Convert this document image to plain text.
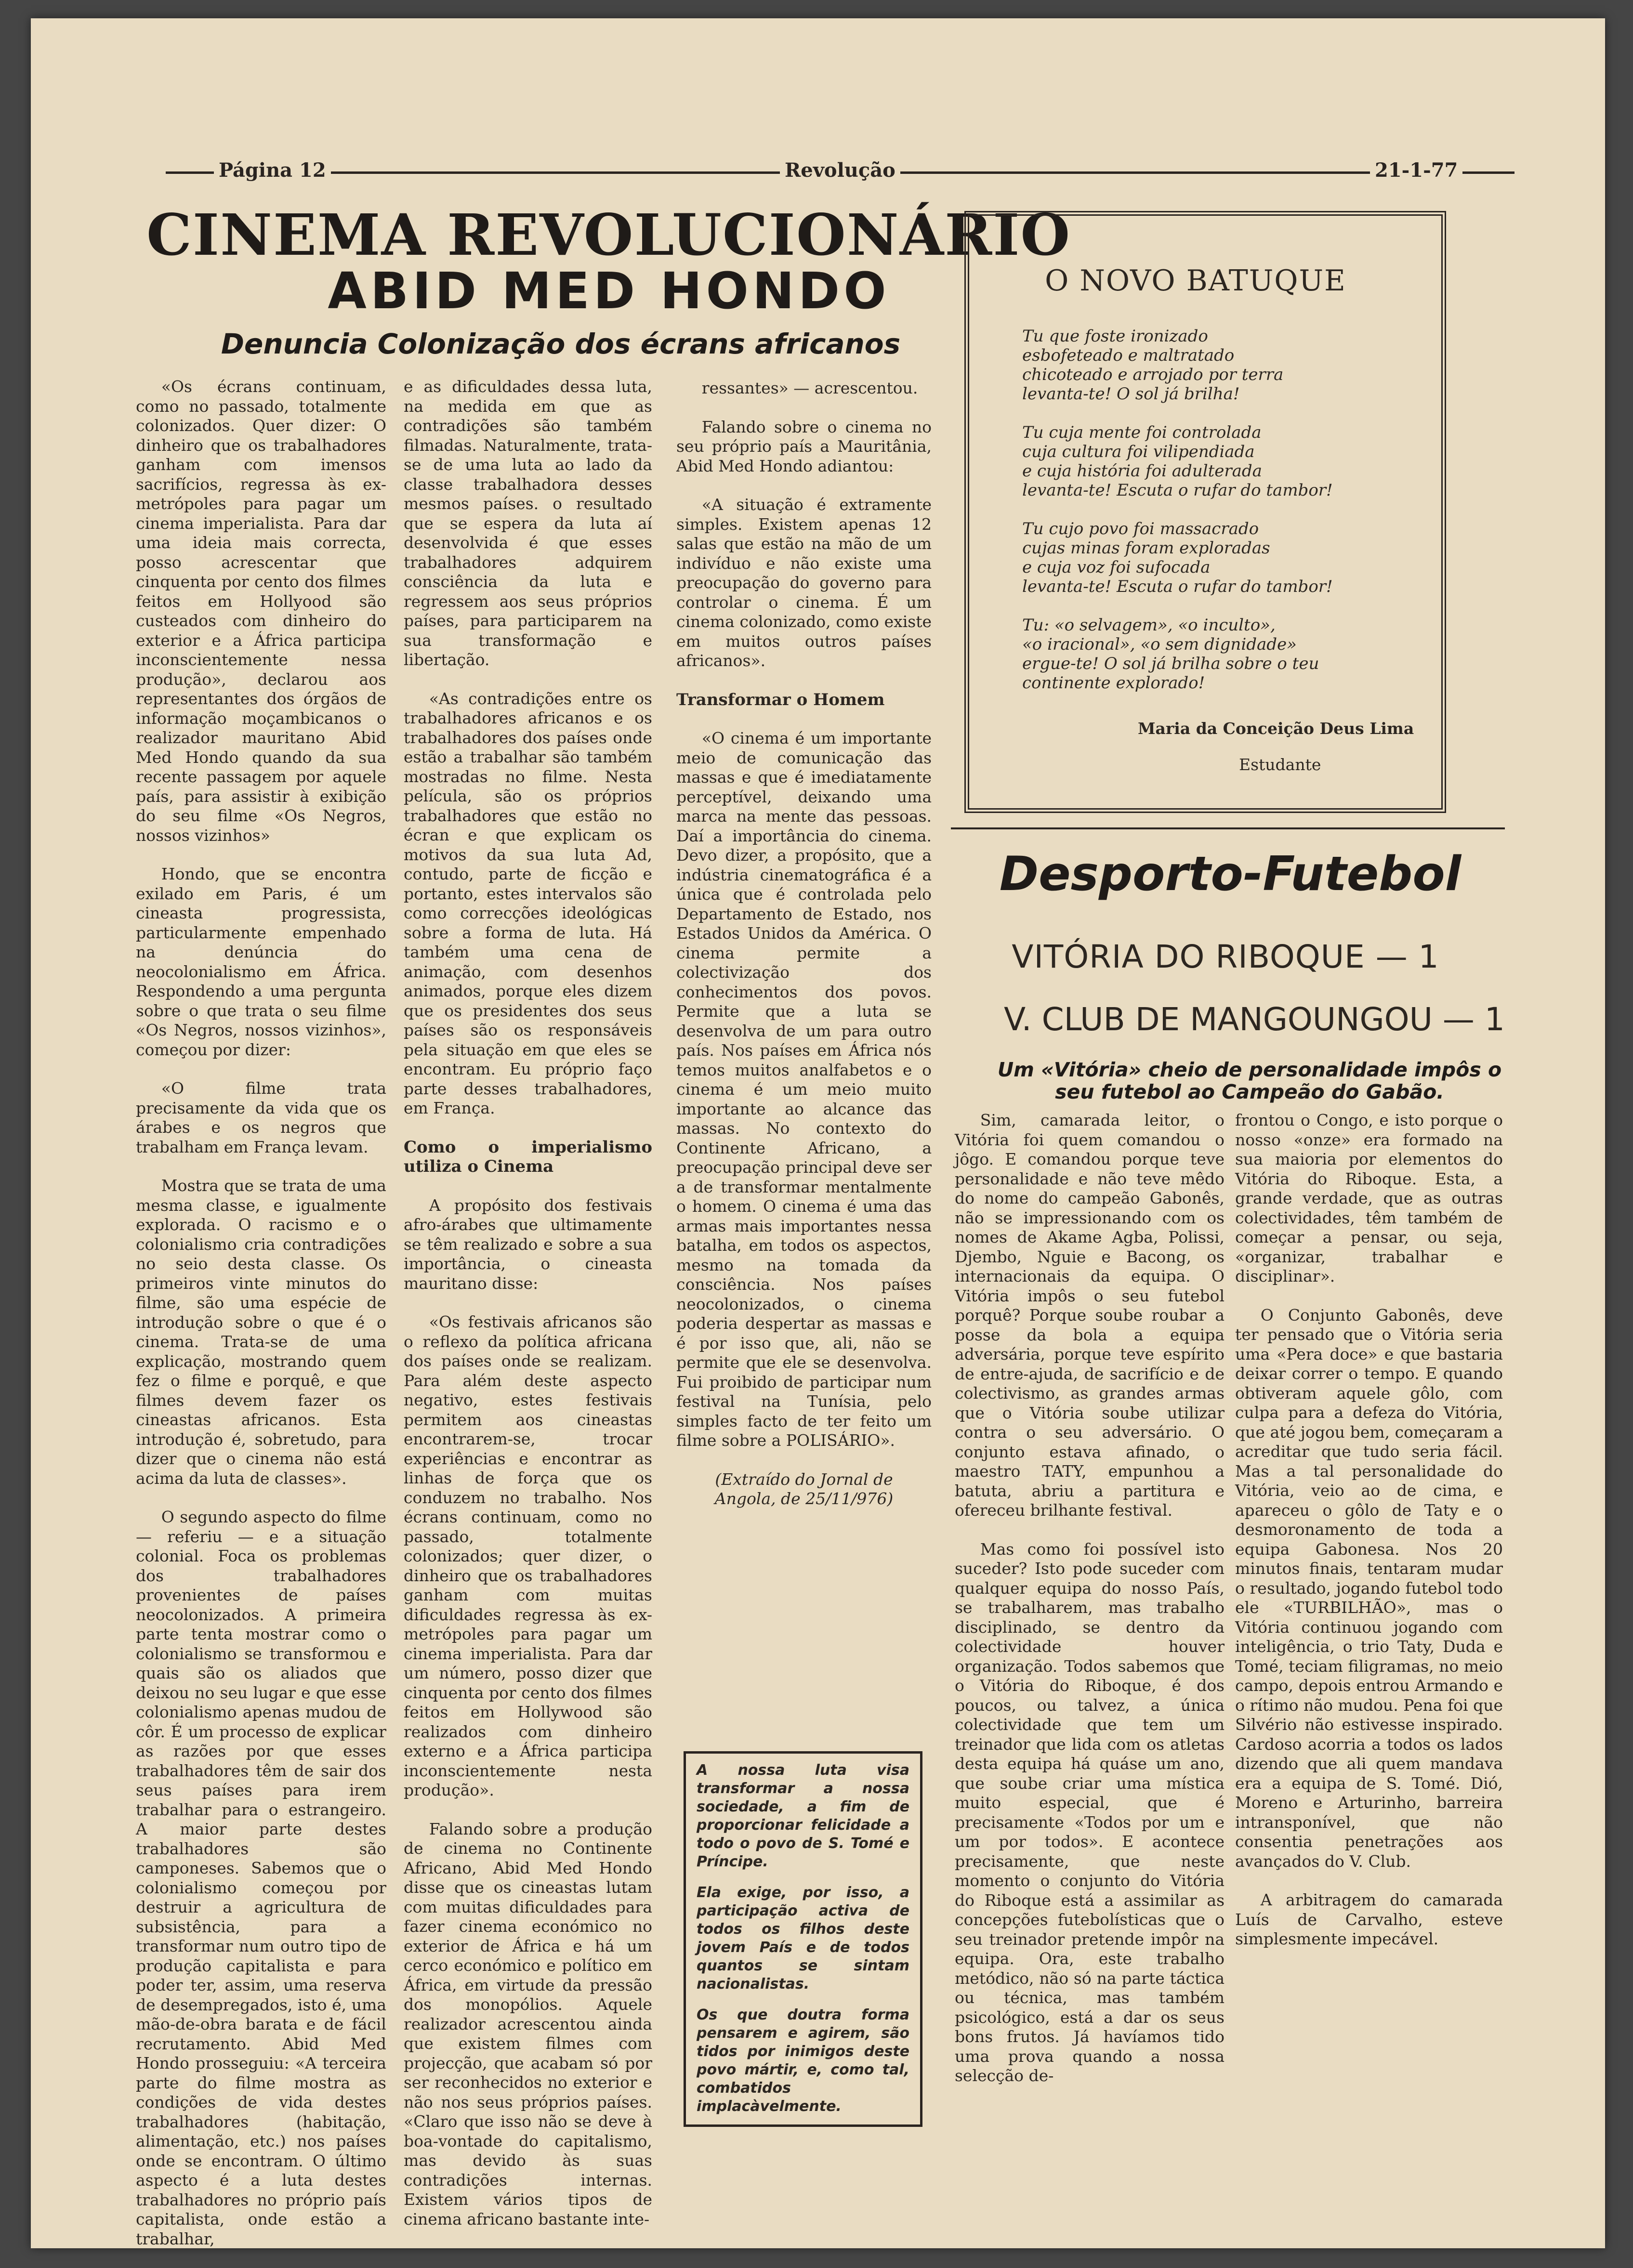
Página 12	Revolução	21-1-77
CINEMA REVOLUCIONÁRIO
ABID MED HONDO
Denuncia Colonização dos écrans africanos

«Os écrans continuam, como no passado, totalmente colonizados. Quer dizer: O dinheiro que os trabalhadores ganham com imensos sacrifícios, regressa às ex-metrópoles para pagar um cinema imperialista. Para dar uma ideia mais correcta, posso acrescentar que cinquenta por cento dos filmes feitos em Hollyood são custeados com dinheiro do exterior e a África participa inconscientemente nessa produção», declarou aos representantes dos órgãos de informação moçambicanos o realizador mauritano Abid Med Hondo quando da sua recente passagem por aquele país, para assistir à exibição do seu filme «Os Negros, nossos vizinhos»

Hondo, que se encontra exilado em Paris, é um cineasta progressista, particularmente empenhado na denúncia do neocolonialismo em África. Respondendo a uma pergunta sobre o que trata o seu filme «Os Negros, nossos vizinhos», começou por dizer:

«O filme trata precisamente da vida que os árabes e os negros que trabalham em França levam.

Mostra que se trata de uma mesma classe, e igualmente explorada. O racismo e o colonialismo cria contradições no seio desta classe. Os primeiros vinte minutos do filme, são uma espécie de introdução sobre o que é o cinema. Trata-se de uma explicação, mostrando quem fez o filme e porquê, e que filmes devem fazer os cineastas africanos. Esta introdução é, sobretudo, para dizer que o cinema não está acima da luta de classes».

O segundo aspecto do filme — referiu — e a situação colonial. Foca os problemas dos trabalhadores provenientes de países neocolonizados. A primeira parte tenta mostrar como o colonialismo se transformou e quais são os aliados que deixou no seu lugar e que esse colonialismo apenas mudou de côr. É um processo de explicar as razões por que esses trabalhadores têm de sair dos seus países para irem trabalhar para o estrangeiro. A maior parte destes trabalhadores são camponeses. Sabemos que o colonialismo começou por destruir a agricultura de subsistência, para a transformar num outro tipo de produção capitalista e para poder ter, assim, uma reserva de desempregados, isto é, uma mão-de-obra barata e de fácil recrutamento. Abid Med Hondo prosseguiu: «A terceira parte do filme mostra as condições de vida destes trabalhadores (habitação, alimentação, etc.) nos países onde se encontram. O último aspecto é a luta destes trabalhadores no próprio país capitalista, onde estão a trabalhar,

e as dificuldades dessa luta, na medida em que as contradições são também filmadas. Naturalmente, trata-se de uma luta ao lado da classe trabalhadora desses mesmos países. o resultado que se espera da luta aí desenvolvida é que esses trabalhadores adquirem consciência da luta e regressem aos seus próprios países, para participarem na sua transformação e libertação.

«As contradições entre os trabalhadores africanos e os trabalhadores dos países onde estão a trabalhar são também mostradas no filme. Nesta película, são os próprios trabalhadores que estão no écran e que explicam os motivos da sua luta Ad, contudo, parte de ficção e portanto, estes intervalos são como correcções ideológicas sobre a forma de luta. Há também uma cena de animação, com desenhos animados, porque eles dizem que os presidentes dos seus países são os responsáveis pela situação em que eles se encontram. Eu próprio faço parte desses trabalhadores, em França.

Como o imperialismo utiliza o Cinema

A propósito dos festivais afro-árabes que ultimamente se têm realizado e sobre a sua importância, o cineasta mauritano disse:

«Os festivais africanos são o reflexo da política africana dos países onde se realizam. Para além deste aspecto negativo, estes festivais permitem aos cineastas encontrarem-se, trocar experiências e encontrar as linhas de força que os conduzem no trabalho. Nos écrans continuam, como no passado, totalmente colonizados; quer dizer, o dinheiro que os trabalhadores ganham com muitas dificuldades regressa às ex-metrópoles para pagar um cinema imperialista. Para dar um número, posso dizer que cinquenta por cento dos filmes feitos em Hollywood são realizados com dinheiro externo e a África participa inconscientemente nesta produção».

Falando sobre a produção de cinema no Continente Africano, Abid Med Hondo disse que os cineastas lutam com muitas dificuldades para fazer cinema económico no exterior de África e há um cerco económico e político em África, em virtude da pressão dos monopólios. Aquele realizador acrescentou ainda que existem filmes com projecção, que acabam só por ser reconhecidos no exterior e não nos seus próprios países. «Claro que isso não se deve à boa-vontade do capitalismo, mas devido às suas contradições internas. Existem vários tipos de cinema africano bastante inte-

ressantes» — acrescentou.

Falando sobre o cinema no seu próprio país a Mauritânia, Abid Med Hondo adiantou:

«A situação é extramente simples. Existem apenas 12 salas que estão na mão de um indivíduo e não existe uma preocupação do governo para controlar o cinema. É um cinema colonizado, como existe em muitos outros países africanos».

Transformar o Homem

«O cinema é um importante meio de comunicação das massas e que é imediatamente perceptível, deixando uma marca na mente das pessoas. Daí a importância do cinema. Devo dizer, a propósito, que a indústria cinematográfica é a única que é controlada pelo Departamento de Estado, nos Estados Unidos da América. O cinema permite a colectivização dos conhecimentos dos povos. Permite que a luta se desenvolva de um para outro país. Nos países em África nós temos muitos analfabetos e o cinema é um meio muito importante ao alcance das massas. No contexto do Continente Africano, a preocupação principal deve ser a de transformar mentalmente o homem. O cinema é uma das armas mais importantes nessa batalha, em todos os aspectos, mesmo na tomada da consciência. Nos países neocolonizados, o cinema poderia despertar as massas e é por isso que, ali, não se permite que ele se desenvolva. Fui proibido de participar num festival na Tunísia, pelo simples facto de ter feito um filme sobre a POLISÁRIO».

(Extraído do Jornal de Angola, de 25/11/976)

A nossa luta visa transformar a nossa sociedade, a fim de proporcionar felicidade a todo o povo de S. Tomé e Príncipe.

Ela exige, por isso, a participação activa de todos os filhos deste jovem País e de todos quantos se sintam nacionalistas.

Os que doutra forma pensarem e agirem, são tidos por inimigos deste povo mártir, e, como tal, combatidos implacàvelmente.

O NOVO BATUQUE

Tu que foste ironizado
esbofeteado e maltratado
chicoteado e arrojado por terra
levanta-te! O sol já brilha!

Tu cuja mente foi controlada
cuja cultura foi vilipendiada
e cuja história foi adulterada
levanta-te! Escuta o rufar do tambor!

Tu cujo povo foi massacrado
cujas minas foram exploradas
e cuja voz foi sufocada
levanta-te! Escuta o rufar do tambor!

Tu: «o selvagem», «o inculto»,
«o iracional», «o sem dignidade»
ergue-te! O sol já brilha sobre o teu
continente explorado!

Maria da Conceição Deus Lima
Estudante
Desporto-Futebol
VITÓRIA DO RIBOQUE — 1
V. CLUB DE MANGOUNGOU — 1
Um «Vitória» cheio de personalidade impôs o seu futebol ao Campeão do Gabão.

Sim, camarada leitor, o Vitória foi quem comandou o jôgo. E comandou porque teve personalidade e não teve mêdo do nome do campeão Gabonês, não se impressionando com os nomes de Akame Agba, Polissi, Djembo, Nguie e Bacong, os internacionais da equipa. O Vitória impôs o seu futebol porquê? Porque soube roubar a posse da bola a equipa adversária, porque teve espírito de entre-ajuda, de sacrifício e de colectivismo, as grandes armas que o Vitória soube utilizar contra o seu adversário. O conjunto estava afinado, o maestro TATY, empunhou a batuta, abriu a partitura e ofereceu brilhante festival.

Mas como foi possível isto suceder? Isto pode suceder com qualquer equipa do nosso País, se trabalharem, mas trabalho disciplinado, se dentro da colectividade houver organização. Todos sabemos que o Vitória do Riboque, é dos poucos, ou talvez, a única colectividade que tem um treinador que lida com os atletas desta equipa há quáse um ano, que soube criar uma mística muito especial, que é precisamente «Todos por um e um por todos». E acontece precisamente, que neste momento o conjunto do Vitória do Riboque está a assimilar as concepções futebolísticas que o seu treinador pretende impôr na equipa. Ora, este trabalho metódico, não só na parte táctica ou técnica, mas também psicológico, está a dar os seus bons frutos. Já havíamos tido uma prova quando a nossa selecção de-

frontou o Congo, e isto porque o nosso «onze» era formado na sua maioria por elementos do Vitória do Riboque. Esta, a grande verdade, que as outras colectividades, têm também de começar a pensar, ou seja, «organizar, trabalhar e disciplinar».

O Conjunto Gabonês, deve ter pensado que o Vitória seria uma «Pera doce» e que bastaria deixar correr o tempo. E quando obtiveram aquele gôlo, com culpa para a defeza do Vitória, que até jogou bem, começaram a acreditar que tudo seria fácil. Mas a tal personalidade do Vitória, veio ao de cima, e apareceu o gôlo de Taty e o desmoronamento de toda a equipa Gabonesa. Nos 20 minutos finais, tentaram mudar o resultado, jogando futebol todo ele «TURBILHÃO», mas o Vitória continuou jogando com inteligência, o trio Taty, Duda e Tomé, teciam filigramas, no meio campo, depois entrou Armando e o rítimo não mudou. Pena foi que Silvério não estivesse inspirado. Cardoso acorria a todos os lados dizendo que ali quem mandava era a equipa de S. Tomé. Dió, Moreno e Arturinho, barreira intransponível, que não consentia penetrações aos avançados do V. Club.

A arbitragem do camarada Luís de Carvalho, esteve simplesmente impecável.
